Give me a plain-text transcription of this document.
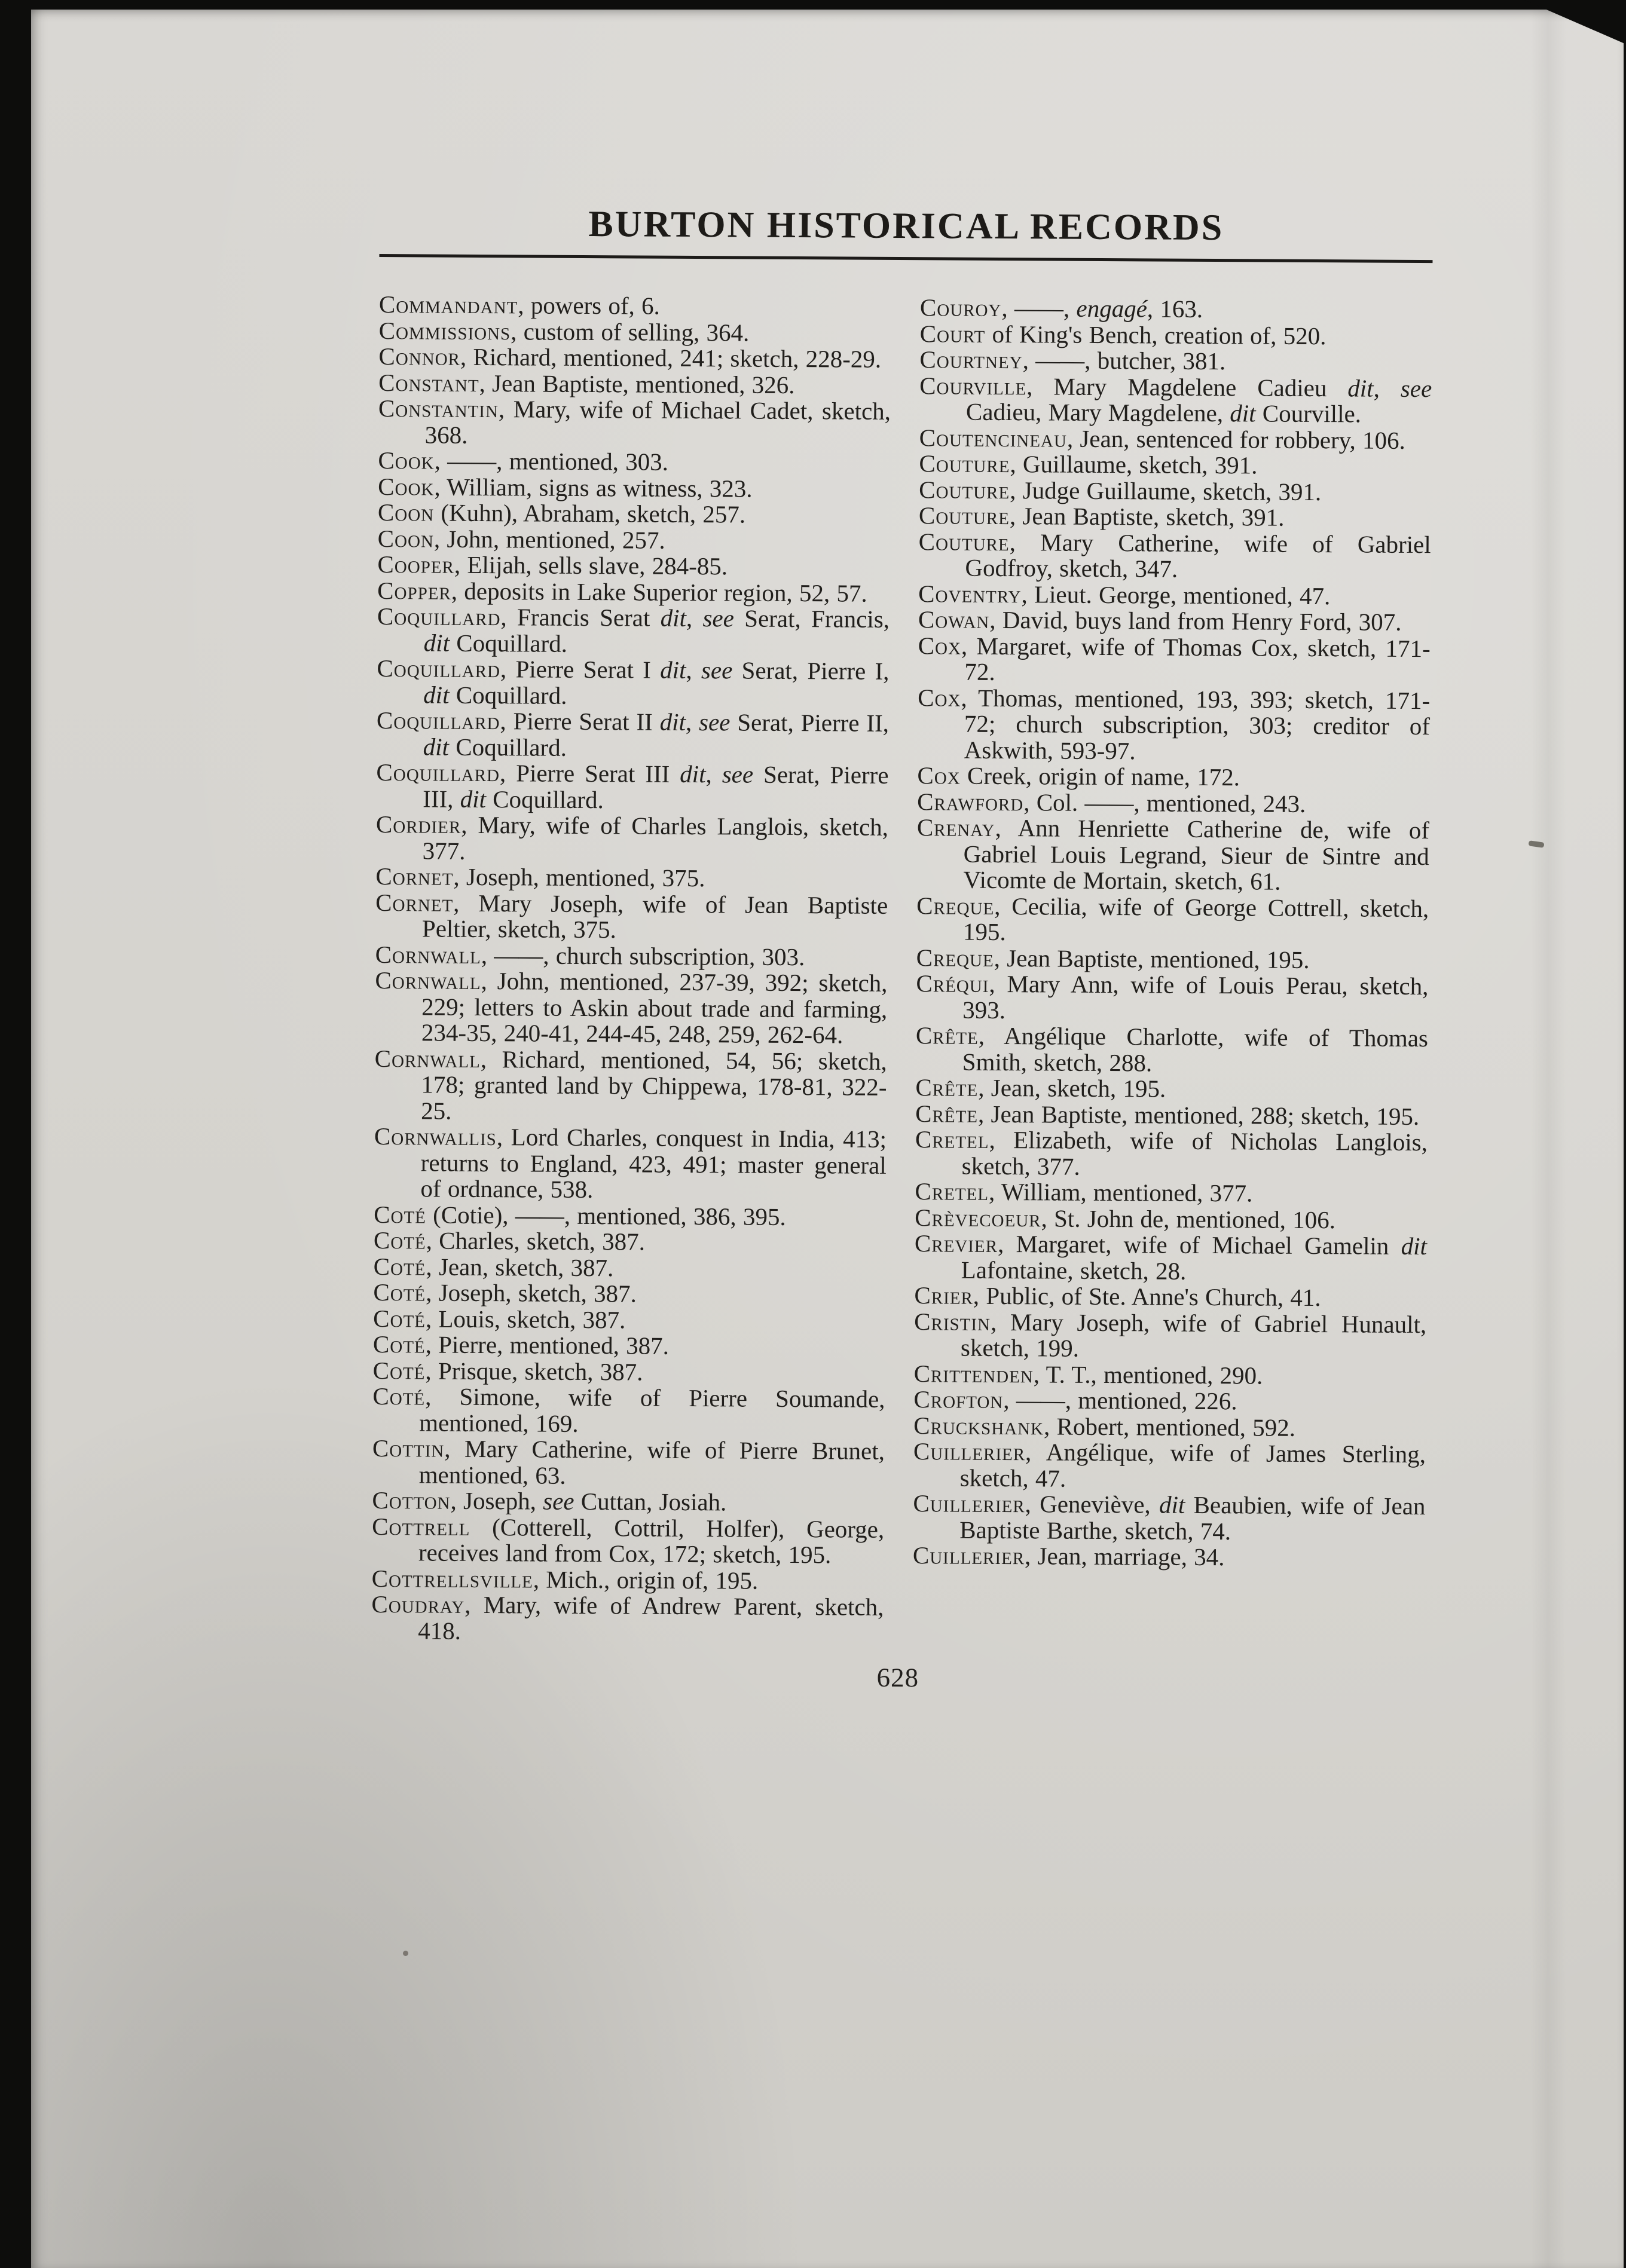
BURTON HISTORICAL RECORDS

Commandant, powers of, 6.

Commissions, custom of selling, 364.

Connor, Richard, mentioned, 241; sketch, 228-29.

Constant, Jean Baptiste, mentioned, 326.

Constantin, Mary, wife of Michael Cadet, sketch, 368.

Cook, ——, mentioned, 303.

Cook, William, signs as witness, 323.

Coon (Kuhn), Abraham, sketch, 257.

Coon, John, mentioned, 257.

Cooper, Elijah, sells slave, 284-85.

Copper, deposits in Lake Superior region, 52, 57.

Coquillard, Francis Serat dit, see Serat, Francis, dit Coquillard.

Coquillard, Pierre Serat I dit, see Serat, Pierre I, dit Coquillard.

Coquillard, Pierre Serat II dit, see Serat, Pierre II, dit Coquillard.

Coquillard, Pierre Serat III dit, see Serat, Pierre III, dit Coquillard.

Cordier, Mary, wife of Charles Langlois, sketch, 377.

Cornet, Joseph, mentioned, 375.

Cornet, Mary Joseph, wife of Jean Baptiste Peltier, sketch, 375.

Cornwall, ——, church subscription, 303.

Cornwall, John, mentioned, 237-39, 392; sketch, 229; letters to Askin about trade and farming, 234-35, 240-41, 244-45, 248, 259, 262-64.

Cornwall, Richard, mentioned, 54, 56; sketch, 178; granted land by Chippewa, 178-81, 322-25.

Cornwallis, Lord Charles, conquest in India, 413; returns to England, 423, 491; master general of ordnance, 538.

Coté (Cotie), ——, mentioned, 386, 395.

Coté, Charles, sketch, 387.

Coté, Jean, sketch, 387.

Coté, Joseph, sketch, 387.

Coté, Louis, sketch, 387.

Coté, Pierre, mentioned, 387.

Coté, Prisque, sketch, 387.

Coté, Simone, wife of Pierre Soumande, mentioned, 169.

Cottin, Mary Catherine, wife of Pierre Brunet, mentioned, 63.

Cotton, Joseph, see Cuttan, Josiah.

Cottrell (Cotterell, Cottril, Holfer), George, receives land from Cox, 172; sketch, 195.

Cottrellsville, Mich., origin of, 195.

Coudray, Mary, wife of Andrew Parent, sketch, 418.

Couroy, ——, engagé, 163.

Court of King's Bench, creation of, 520.

Courtney, ——, butcher, 381.

Courville, Mary Magdelene Cadieu dit, see Cadieu, Mary Magdelene, dit Courville.

Coutencineau, Jean, sentenced for robbery, 106.

Couture, Guillaume, sketch, 391.

Couture, Judge Guillaume, sketch, 391.

Couture, Jean Baptiste, sketch, 391.

Couture, Mary Catherine, wife of Gabriel Godfroy, sketch, 347.

Coventry, Lieut. George, mentioned, 47.

Cowan, David, buys land from Henry Ford, 307.

Cox, Margaret, wife of Thomas Cox, sketch, 171-72.

Cox, Thomas, mentioned, 193, 393; sketch, 171-72; church subscription, 303; creditor of Askwith, 593-97.

Cox Creek, origin of name, 172.

Crawford, Col. ——, mentioned, 243.

Crenay, Ann Henriette Catherine de, wife of Gabriel Louis Legrand, Sieur de Sintre and Vicomte de Mortain, sketch, 61.

Creque, Cecilia, wife of George Cottrell, sketch, 195.

Creque, Jean Baptiste, mentioned, 195.

Créqui, Mary Ann, wife of Louis Perau, sketch, 393.

Crête, Angélique Charlotte, wife of Thomas Smith, sketch, 288.

Crête, Jean, sketch, 195.

Crête, Jean Baptiste, mentioned, 288; sketch, 195.

Cretel, Elizabeth, wife of Nicholas Langlois, sketch, 377.

Cretel, William, mentioned, 377.

Crèvecoeur, St. John de, mentioned, 106.

Crevier, Margaret, wife of Michael Gamelin dit Lafontaine, sketch, 28.

Crier, Public, of Ste. Anne's Church, 41.

Cristin, Mary Joseph, wife of Gabriel Hunault, sketch, 199.

Crittenden, T. T., mentioned, 290.

Crofton, ——, mentioned, 226.

Cruckshank, Robert, mentioned, 592.

Cuillerier, Angélique, wife of James Sterling, sketch, 47.

Cuillerier, Geneviève, dit Beaubien, wife of Jean Baptiste Barthe, sketch, 74.

Cuillerier, Jean, marriage, 34.

628
